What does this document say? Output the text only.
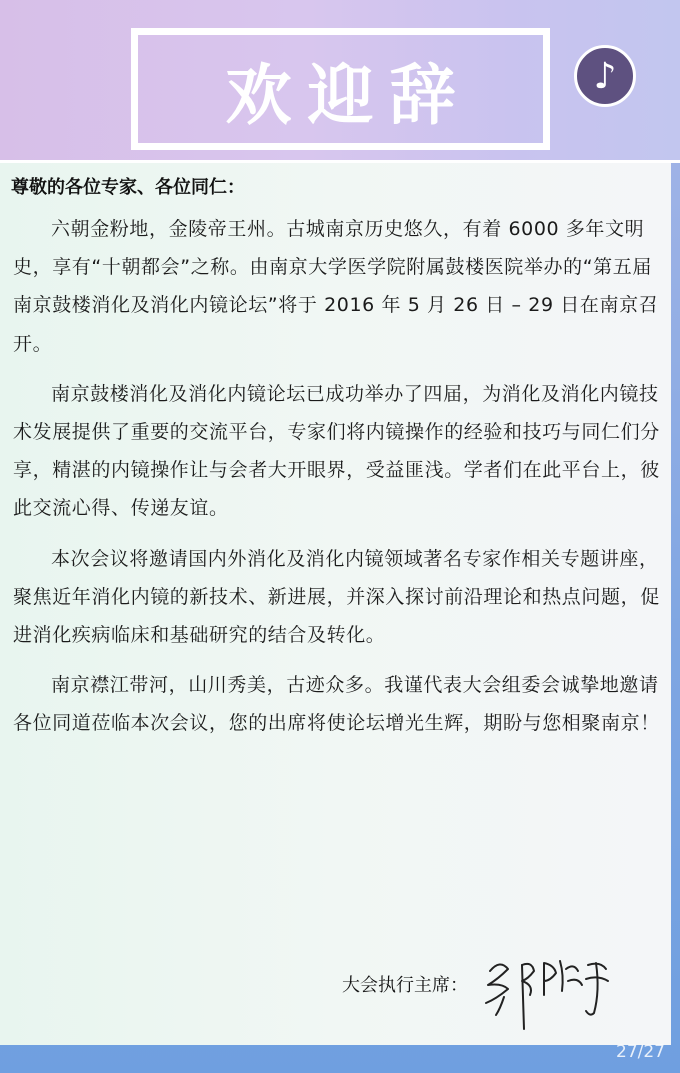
欢迎辞	♪
尊敬的各位专家、各位同仁：

六朝金粉地，金陵帝王州。古城南京历史悠久，有着 6000 多年文明史，享有“十朝都会”之称。由南京大学医学院附属鼓楼医院举办的“第五届南京鼓楼消化及消化内镜论坛”将于 2016 年 5 月 26 日 – 29 日在南京召开。

南京鼓楼消化及消化内镜论坛已成功举办了四届，为消化及消化内镜技术发展提供了重要的交流平台，专家们将内镜操作的经验和技巧与同仁们分享，精湛的内镜操作让与会者大开眼界，受益匪浅。学者们在此平台上，彼此交流心得、传递友谊。

本次会议将邀请国内外消化及消化内镜领域著名专家作相关专题讲座，聚焦近年消化内镜的新技术、新进展，并深入探讨前沿理论和热点问题，促进消化疾病临床和基础研究的结合及转化。

南京襟江带河，山川秀美，古迹众多。我谨代表大会组委会诚挚地邀请各位同道莅临本次会议，您的出席将使论坛增光生辉，期盼与您相聚南京！

大会执行主席：
27/27
